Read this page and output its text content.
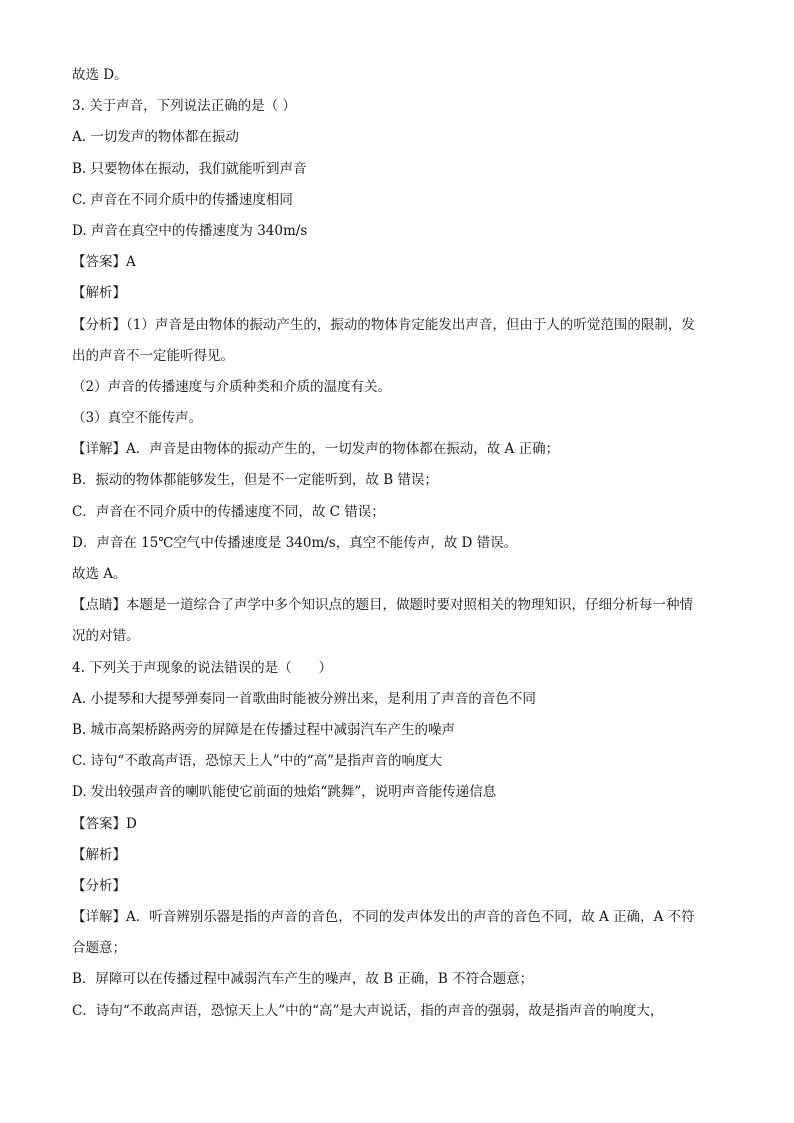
故选 D。
3. 关于声音，下列说法正确的是（ ）
A. 一切发声的物体都在振动
B. 只要物体在振动，我们就能听到声音
C. 声音在不同介质中的传播速度相同
D. 声音在真空中的传播速度为 340m/s
【答案】A
【解析】
【分析】（1）声音是由物体的振动产生的，振动的物体肯定能发出声音，但由于人的听觉范围的限制，发
出的声音不一定能听得见。
（2）声音的传播速度与介质种类和介质的温度有关。
（3）真空不能传声。
【详解】A．声音是由物体的振动产生的，一切发声的物体都在振动，故 A 正确；
B．振动的物体都能够发生，但是不一定能听到，故 B 错误；
C．声音在不同介质中的传播速度不同，故 C 错误；
D．声音在 15℃空气中传播速度是 340m/s，真空不能传声，故 D 错误。
故选 A。
【点睛】本题是一道综合了声学中多个知识点的题目，做题时要对照相关的物理知识，仔细分析每一种情
况的对错。
4. 下列关于声现象的说法错误的是（　　）
A. 小提琴和大提琴弹奏同一首歌曲时能被分辨出来，是利用了声音的音色不同
B. 城市高架桥路两旁的屏障是在传播过程中减弱汽车产生的噪声
C. 诗句“不敢高声语，恐惊天上人”中的“高”是指声音的响度大
D. 发出较强声音的喇叭能使它前面的烛焰“跳舞”，说明声音能传递信息
【答案】D
【解析】
【分析】
【详解】A．听音辨别乐器是指的声音的音色，不同的发声体发出的声音的音色不同，故 A 正确，A 不符
合题意；
B．屏障可以在传播过程中减弱汽车产生的噪声，故 B 正确，B 不符合题意；
C．诗句“不敢高声语，恐惊天上人”中的“高”是大声说话，指的声音的强弱，故是指声音的响度大，
